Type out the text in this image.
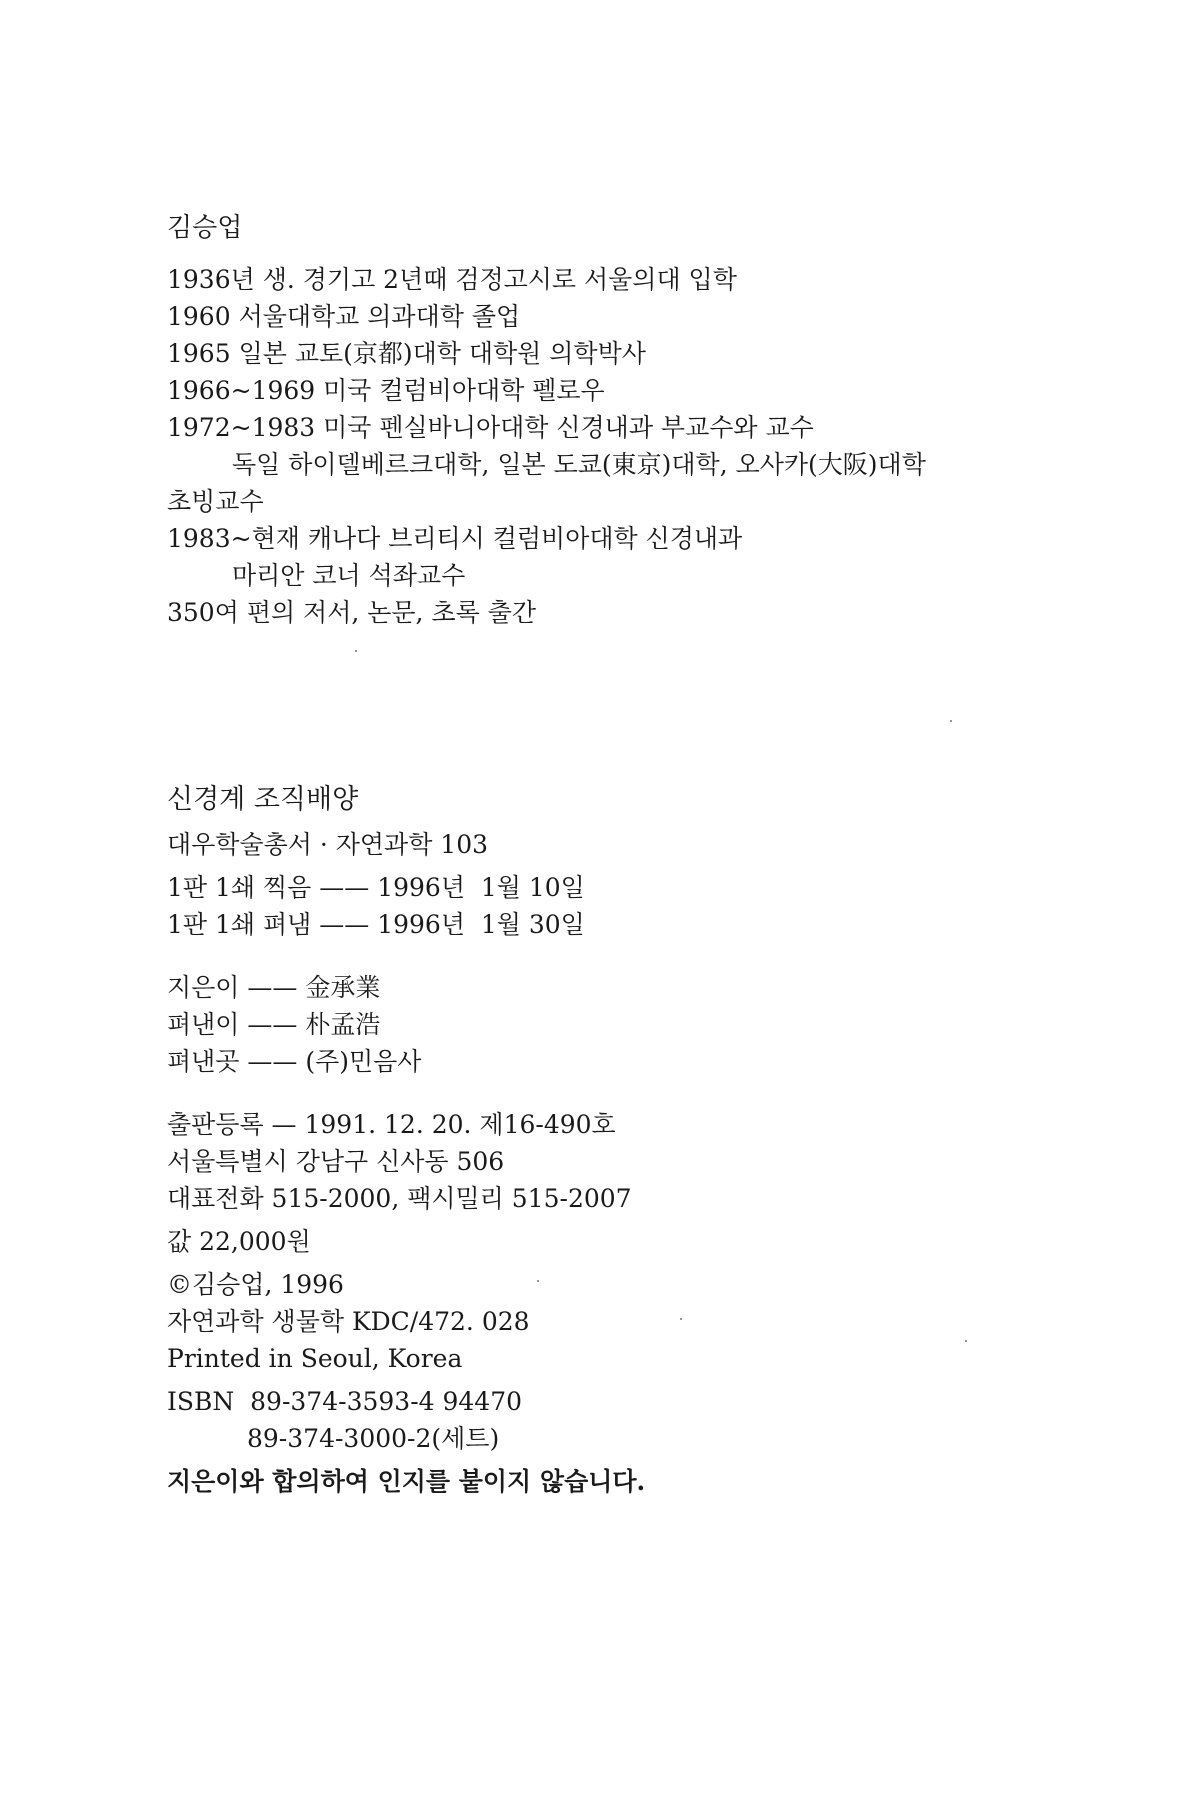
김승업

1936년 생. 경기고 2년때 검정고시로 서울의대 입학

1960 서울대학교 의과대학 졸업

1965 일본 교토(京都)대학 대학원 의학박사

1966~1969 미국 컬럼비아대학 펠로우

1972~1983 미국 펜실바니아대학 신경내과 부교수와 교수

독일 하이델베르크대학, 일본 도쿄(東京)대학, 오사카(大阪)대학

초빙교수

1983~현재 캐나다 브리티시 컬럼비아대학 신경내과

마리안 코너 석좌교수

350여 편의 저서, 논문, 초록 출간

신경계 조직배양

대우학술총서 · 자연과학 103

1판 1쇄 찍음 —— 1996년  1월 10일

1판 1쇄 펴냄 —— 1996년  1월 30일

지은이 —— 金承業

펴낸이 —— 朴孟浩

펴낸곳 —— (주)민음사

출판등록 — 1991. 12. 20. 제16-490호

서울특별시 강남구 신사동 506

대표전화 515-2000, 팩시밀리 515-2007

값 22,000원

©김승업, 1996

자연과학 생물학 KDC/472. 028

Printed in Seoul, Korea

ISBN  89-374-3593-4 94470

89-374-3000-2(세트)

지은이와 합의하여 인지를 붙이지 않습니다.
